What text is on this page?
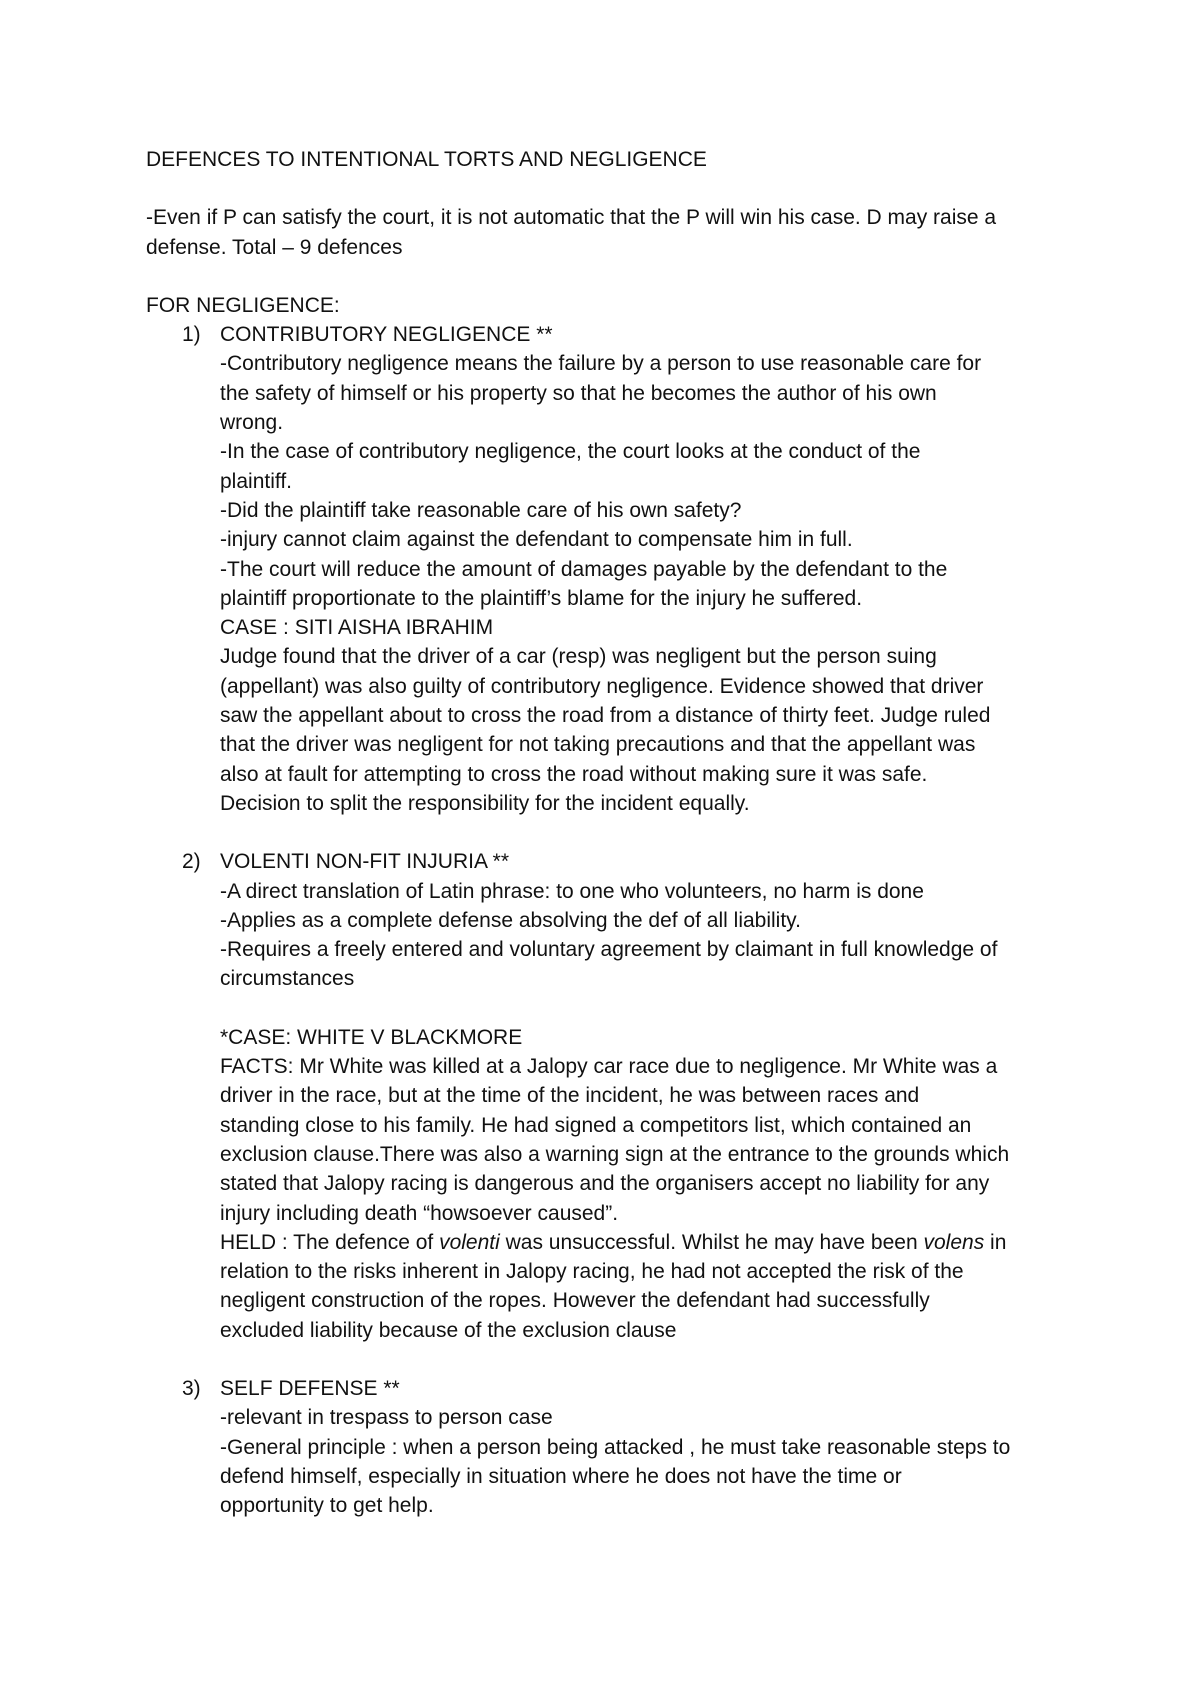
DEFENCES TO INTENTIONAL TORTS AND NEGLIGENCE

-Even if P can satisfy the court, it is not automatic that the P will win his case. D may raise a

defense. Total – 9 defences

FOR NEGLIGENCE:

1) CONTRIBUTORY NEGLIGENCE **

-Contributory negligence means the failure by a person to use reasonable care for

the safety of himself or his property so that he becomes the author of his own

wrong.

-In the case of contributory negligence, the court looks at the conduct of the

plaintiff.

-Did the plaintiff take reasonable care of his own safety?

-injury cannot claim against the defendant to compensate him in full.

-The court will reduce the amount of damages payable by the defendant to the

plaintiff proportionate to the plaintiff’s blame for the injury he suffered.

CASE : SITI AISHA IBRAHIM

Judge found that the driver of a car (resp) was negligent but the person suing

(appellant) was also guilty of contributory negligence. Evidence showed that driver

saw the appellant about to cross the road from a distance of thirty feet. Judge ruled

that the driver was negligent for not taking precautions and that the appellant was

also at fault for attempting to cross the road without making sure it was safe.

Decision to split the responsibility for the incident equally.

2) VOLENTI NON-FIT INJURIA **

-A direct translation of Latin phrase: to one who volunteers, no harm is done

-Applies as a complete defense absolving the def of all liability.

-Requires a freely entered and voluntary agreement by claimant in full knowledge of

circumstances

*CASE: WHITE V BLACKMORE

FACTS: Mr White was killed at a Jalopy car race due to negligence. Mr White was a

driver in the race, but at the time of the incident, he was between races and

standing close to his family. He had signed a competitors list, which contained an

exclusion clause.There was also a warning sign at the entrance to the grounds which

stated that Jalopy racing is dangerous and the organisers accept no liability for any

injury including death “howsoever caused”.

HELD : The defence of volenti was unsuccessful. Whilst he may have been volens in

relation to the risks inherent in Jalopy racing, he had not accepted the risk of the

negligent construction of the ropes. However the defendant had successfully

excluded liability because of the exclusion clause

3) SELF DEFENSE **

-relevant in trespass to person case

-General principle : when a person being attacked , he must take reasonable steps to

defend himself, especially in situation where he does not have the time or

opportunity to get help.
